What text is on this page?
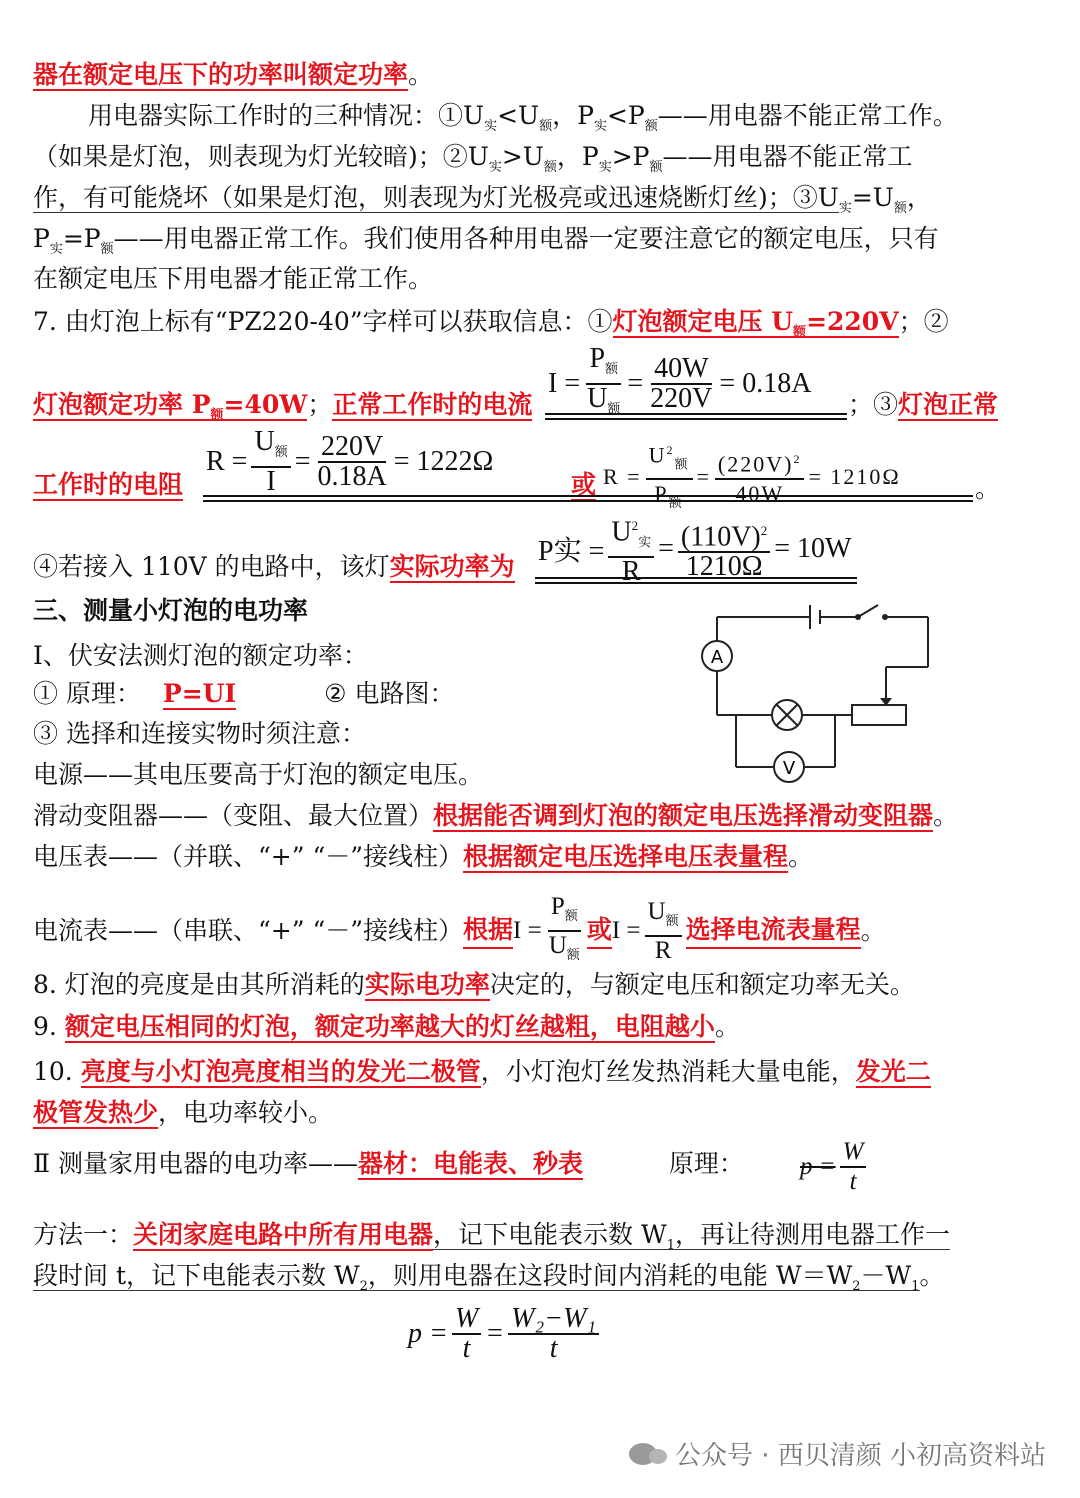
器在额定电压下的功率叫额定功率。
用电器实际工作时的三种情况：$①U_实<U_额$，$P_实<P_额——$用电器不能正常工作。
（如果是灯泡，则表现为灯光较暗)；$②U_实>U_额$，$P_实>P_额——$用电器不能正常工
作，有可能烧坏（如果是灯泡，则表现为灯光极亮或迅速烧断灯丝)；$③U_实=U_额$，
$P_实=P_额——$用电器正常工作。我们使用各种用电器一定要注意它的额定电压，只有
在额定电压下用电器才能正常工作。
7. 由灯泡上标有“PZ220-40”字样可以获取信息：①灯泡额定电压 $U_额=220V$；②
$I = \frac{P_额}{U_额} = \frac{40W}{220V} = 0.18A$
灯泡额定功率 $P_额=40W$；正常工作时的电流	；③灯泡正常
$R = \frac{U_额}{I} = \frac{220V}{0.18A} = 1222\Omega$
工作时的电阻	或 $R = \frac{U^2_额}{P_额} = \frac{(220V)^2}{40W} = 1210\Omega$	。
P实 = $\frac{U^2_实}{R} = \frac{(110V)^2}{1210\Omega} = 10W$
④若接入 110V 的电路中，该灯实际功率为
三、测量小灯泡的电功率
Ⅰ、伏安法测灯泡的额定功率：
① 原理： P=UI	② 电路图：
③ 选择和连接实物时须注意：
电源——其电压要高于灯泡的额定电压。
A
V
滑动变阻器——（变阻、最大位置）根据能否调到灯泡的额定电压选择滑动变阻器。
电压表——（并联、“+” “－”接线柱）根据额定电压选择电压表量程。
电流表——（串联、“+” “－”接线柱） 根据 $I = \frac{P_额}{U_额}$ 或 $I = \frac{U_额}{R}$ 选择电流表量程 。
8. 灯泡的亮度是由其所消耗的实际电功率决定的，与额定电压和额定功率无关。
9. 额定电压相同的灯泡，额定功率越大的灯丝越粗，电阻越小。
10. 亮度与小灯泡亮度相当的发光二极管，小灯泡灯丝发热消耗大量电能，发光二
极管发热少，电功率较小。
Ⅱ 测量家用电器的电功率——器材：电能表、秒表	原理： $p = \frac{W}{t}$
方法一：关闭家庭电路中所有用电器，记下电能表示数 $W_1$，再让待测用电器工作一
段时间 t，记下电能表示数 $W_2$，则用电器在这段时间内消耗的电能 $W=W_2-W_1$。
$p = \frac{W}{t} = \frac{\text{W₂−W₁}}{t}$
公众号 · 西贝清颜 小初高资料站
